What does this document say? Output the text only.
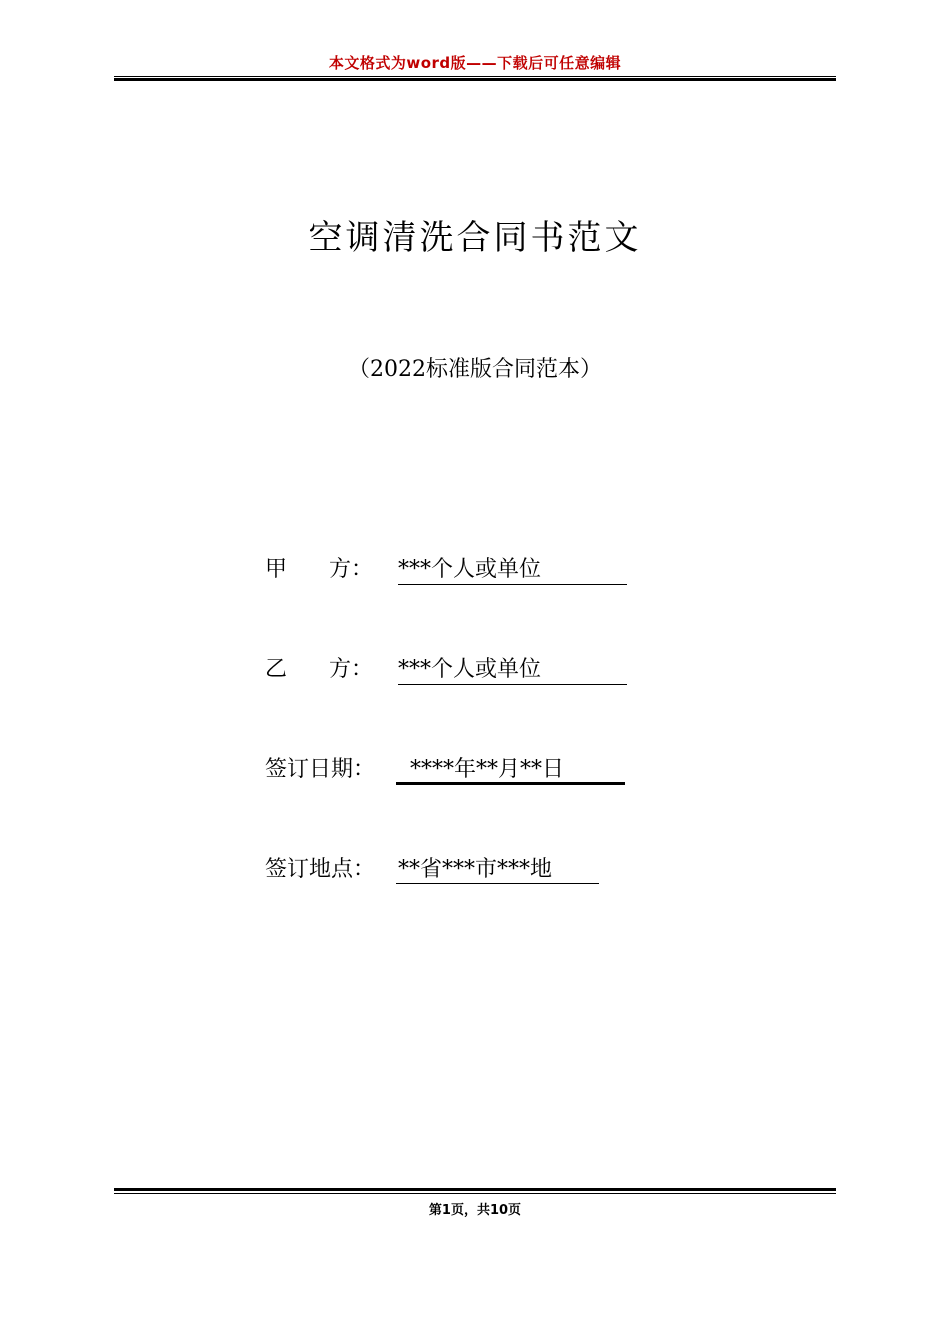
本文格式为word版——下载后可任意编辑
空调清洗合同书范文
（2022标准版合同范本）
甲      方： ***个人或单位
乙      方： ***个人或单位
签订日期： ****年**月**日
签订地点： **省***市***地
第1页，共10页
